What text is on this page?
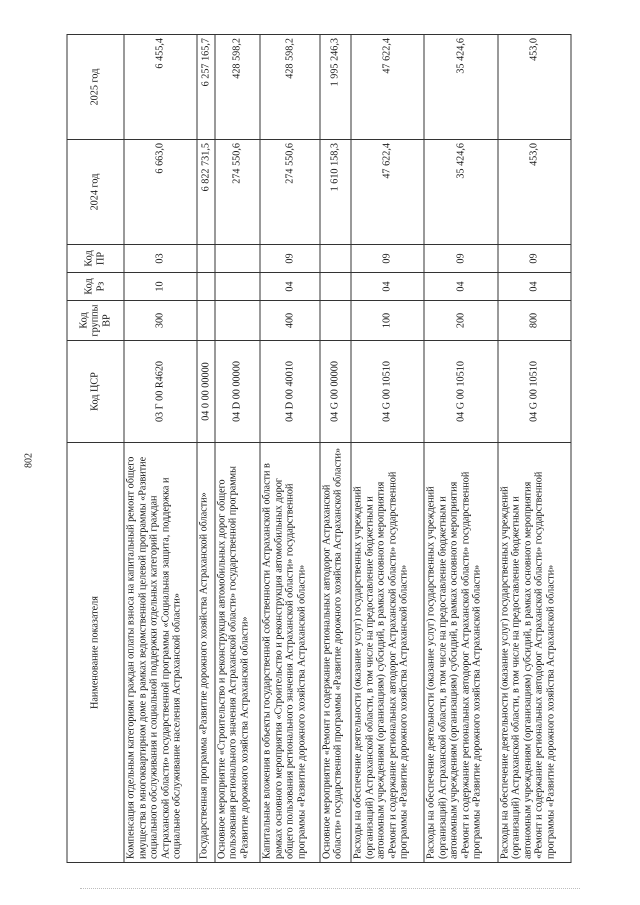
802
Наименование показателя	Код ЦСР	Код группы ВР	Код Рз	Код ПР	2024 год	2025 год
Компенсация отдельным категориям граждан оплаты взноса на капитальный ремонт общего имущества в многоквартирном доме в рамках ведомственной целевой программы «Развитие социального обслуживания и социальной поддержки отдельных категорий граждан Астраханской области» государственной программы «Социальная защита, поддержка и социальное обслуживание населения Астраханской области»	03 Г 00 R4620	300	10	03	6 663,0	6 455,4
Государственная программа «Развитие дорожного хозяйства Астраханской области»	04 0 00 00000				6 822 731,5	6 257 165,7
Основное мероприятие «Строительство и реконструкция автомобильных дорог общего пользования регионального значения Астраханской области» государственной программы «Развитие дорожного хозяйства Астраханской области»	04 D 00 00000				274 550,6	428 598,2
Капитальные вложения в объекты государственной собственности Астраханской области в рамках основного мероприятия «Строительство и реконструкция автомобильных дорог общего пользования регионального значения Астраханской области» государственной программы «Развитие дорожного хозяйства Астраханской области»	04 D 00 40010	400	04	09	274 550,6	428 598,2
Основное мероприятие «Ремонт и содержание региональных автодорог Астраханской области» государственной программы «Развитие дорожного хозяйства Астраханской области»	04 G 00 00000				1 610 158,3	1 995 246,3
Расходы на обеспечение деятельности (оказание услуг) государственных учреждений (организаций) Астраханской области, в том числе на предоставление бюджетным и автономным учреждениям (организациям) субсидий, в рамках основного мероприятия «Ремонт и содержание региональных автодорог Астраханской области» государственной программы «Развитие дорожного хозяйства Астраханской области»	04 G 00 10510	100	04	09	47 622,4	47 622,4
Расходы на обеспечение деятельности (оказание услуг) государственных учреждений (организаций) Астраханской области, в том числе на предоставление бюджетным и автономным учреждениям (организациям) субсидий, в рамках основного мероприятия «Ремонт и содержание региональных автодорог Астраханской области» государственной программы «Развитие дорожного хозяйства Астраханской области»	04 G 00 10510	200	04	09	35 424,6	35 424,6
Расходы на обеспечение деятельности (оказание услуг) государственных учреждений (организаций) Астраханской области, в том числе на предоставление бюджетным и автономным учреждениям (организациям) субсидий, в рамках основного мероприятия «Ремонт и содержание региональных автодорог Астраханской области» государственной программы «Развитие дорожного хозяйства Астраханской области»	04 G 00 10510	800	04	09	453,0	453,0
